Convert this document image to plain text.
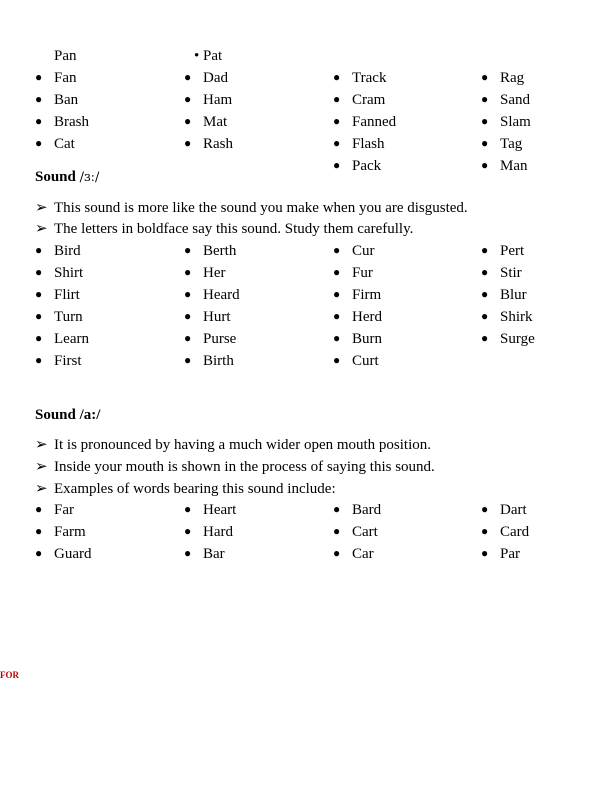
Pan
● Fan
● Ban
● Brash
● Cat
• Pat
● Dad
● Ham
● Mat
● Rash
● Track
● Cram
● Fanned
● Flash
● Pack
● Rag
● Sand
● Slam
● Tag
● Man
Sound /ɜː/
➢ This sound is more like the sound you make when you are disgusted.
➢ The letters in boldface say this sound. Study them carefully.
● Bird
● Shirt
● Flirt
● Turn
● Learn
● First
● Berth
● Her
● Heard
● Hurt
● Purse
● Birth
● Cur
● Fur
● Firm
● Herd
● Burn
● Curt
● Pert
● Stir
● Blur
● Shirk
● Surge
Sound /a:/
➢ It is pronounced by having a much wider open mouth position.
➢ Inside your mouth is shown in the process of saying this sound.
➢ Examples of words bearing this sound include:
● Far
● Farm
● Guard
● Heart
● Hard
● Bar
● Bard
● Cart
● Car
● Dart
● Card
● Par
FOR
